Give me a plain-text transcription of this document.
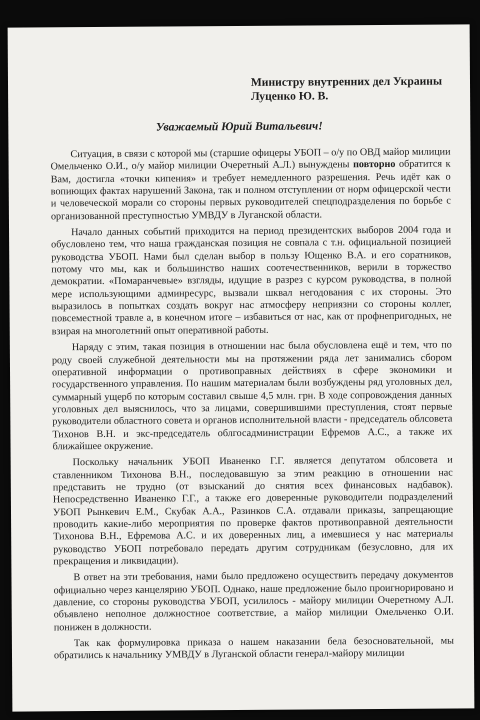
Министру внутренних дел Украины
Луценко Ю. В.
Уважаемый Юрий Витальевич!

Ситуация, в связи с которой мы (старшие офицеры УБОП – о/у по ОВД майор милиции Омельченко О.И., о/у майор милиции Очеретный А.Л.) вынуждены повторно обратится к Вам, достигла «точки кипения» и требует немедленного разрешения. Речь идёт как о вопиющих фактах нарушений Закона, так и полном отступлении от норм офицерской чести и человеческой морали со стороны первых руководителей спецподразделения по борьбе с организованной преступностью УМВДУ в Луганской области.

Начало данных событий приходится на период президентских выборов 2004 года и обусловлено тем, что наша гражданская позиция не совпала с т.н. официальной позицией руководства УБОП. Нами был сделан выбор в пользу Ющенко В.А. и его соратников, потому что мы, как и большинство наших соотечественников, верили в торжество демократии. «Помаранчевые» взгляды, идущие в разрез с курсом руководства, в полной мере использующими админресурс, вызвали шквал негодования с их стороны. Это выразилось в попытках создать вокруг нас атмосферу неприязни со стороны коллег, повсеместной травле а, в конечном итоге – избавиться от нас, как от профнепригодных, не взирая на многолетний опыт оперативной работы.

Наряду с этим, такая позиция в отношении нас была обусловлена ещё и тем, что по роду своей служебной деятельности мы на протяжении ряда лет занимались сбором оперативной информации о противоправных действиях в сфере экономики и государственного управления. По нашим материалам были возбуждены ряд уголовных дел, суммарный ущерб по которым составил свыше 4,5 млн. грн. В ходе сопровождения данных уголовных дел выяснилось, что за лицами, совершившими преступления, стоят первые руководители областного совета и органов исполнительной власти - председатель облсовета Тихонов В.Н. и экс-председатель облгосадминистрации Ефремов А.С., а также их ближайшее окружение.

Поскольку начальник УБОП Иваненко Г.Г. является депутатом облсовета и ставленником Тихонова В.Н., последовавшую за этим реакцию в отношении нас представить не трудно (от взысканий до снятия всех финансовых надбавок). Непосредственно Иваненко Г.Г., а также его доверенные руководители подразделений УБОП Рынкевич Е.М., Скубак А.А., Разинков С.А. отдавали приказы, запрещающие проводить какие-либо мероприятия по проверке фактов противоправной деятельности Тихонова В.Н., Ефремова А.С. и их доверенных лиц, а имевшиеся у нас материалы руководство УБОП потребовало передать другим сотрудникам (безусловно, для их прекращения и ликвидации).

В ответ на эти требования, нами было предложено осуществить передачу документов официально через канцелярию УБОП. Однако, наше предложение было проигнорировано и давление, со стороны руководства УБОП, усилилось - майору милиции Очеретному А.Л. объявлено неполное должностное соответствие, а майор милиции Омельченко О.И. понижен в должности.

Так как формулировка приказа о нашем наказании бела безосновательной, мы обратились к начальнику УМВДУ в Луганской области генерал-майору милиции
